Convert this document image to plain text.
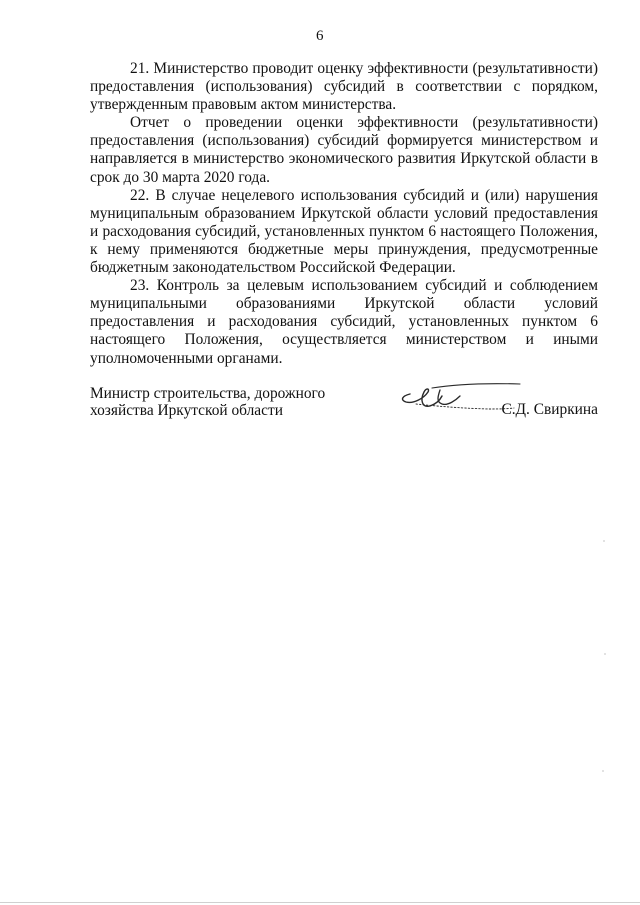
6

21. Министерство проводит оценку эффективности (результативности) предоставления (использования) субсидий в соответствии с порядком, утвержденным правовым актом министерства.

Отчет о проведении оценки эффективности (результативности) предоставления (использования) субсидий формируется министерством и направляется в министерство экономического развития Иркутской области в срок до 30 марта 2020 года.

22. В случае нецелевого использования субсидий и (или) нарушения муниципальным образованием Иркутской области условий предоставления и расходования субсидий, установленных пунктом 6 настоящего Положения, к нему применяются бюджетные меры принуждения, предусмотренные бюджетным законодательством Российской Федерации.

23. Контроль за целевым использованием субсидий и соблюдением муниципальными образованиями Иркутской области условий предоставления и расходования субсидий, установленных пунктом 6 настоящего Положения, осуществляется министерством и иными уполномоченными органами.

Министр строительства, дорожного
хозяйства Иркутской области	С.Д. Свиркина
